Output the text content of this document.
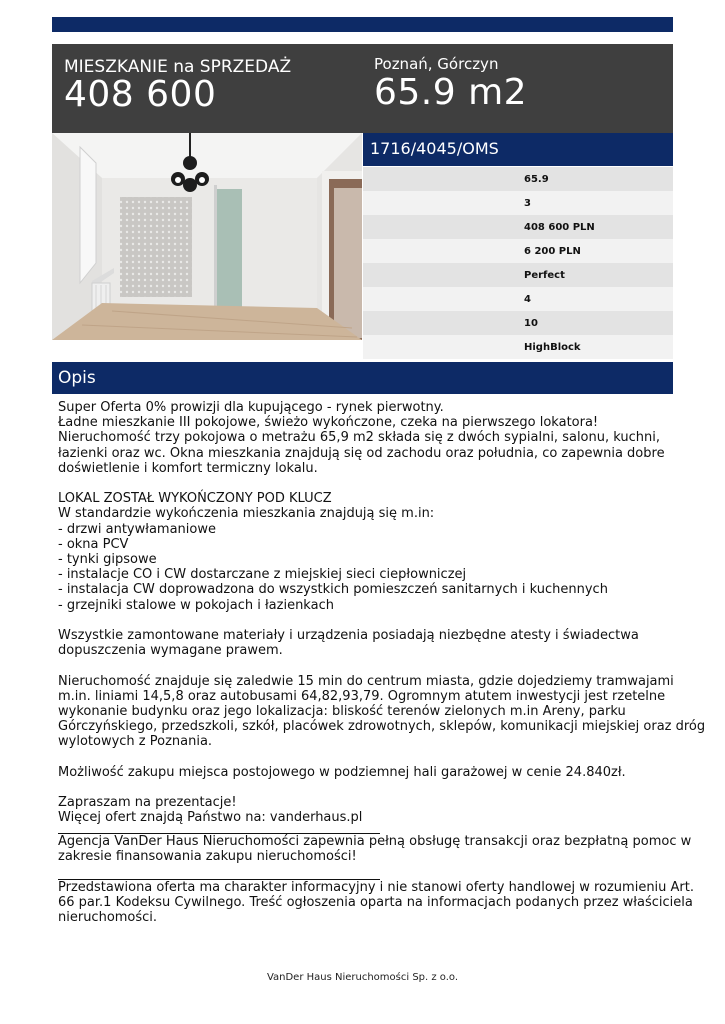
MIESZKANIE na SPRZEDAŻ
408 600
Poznań, Górczyn
65.9 m2
1716/4045/OMS
65.9
3
408 600 PLN
6 200 PLN
Perfect
4
10
HighBlock
Opis
Super Oferta 0% prowizji dla kupującego - rynek pierwotny.
Ładne mieszkanie III pokojowe, świeżo wykończone, czeka na pierwszego lokatora!
Nieruchomość trzy pokojowa o metrażu 65,9 m2 składa się z dwóch sypialni, salonu, kuchni,
łazienki oraz wc. Okna mieszkania znajdują się od zachodu oraz południa, co zapewnia dobre
doświetlenie i komfort termiczny lokalu.
LOKAL ZOSTAŁ WYKOŃCZONY POD KLUCZ
W standardzie wykończenia mieszkania znajdują się m.in:
- drzwi antywłamaniowe
- okna PCV
- tynki gipsowe
- instalacje CO i CW dostarczane z miejskiej sieci ciepłowniczej
- instalacja CW doprowadzona do wszystkich pomieszczeń sanitarnych i kuchennych
- grzejniki stalowe w pokojach i łazienkach
Wszystkie zamontowane materiały i urządzenia posiadają niezbędne atesty i świadectwa
dopuszczenia wymagane prawem.
Nieruchomość znajduje się zaledwie 15 min do centrum miasta, gdzie dojedziemy tramwajami
m.in. liniami 14,5,8 oraz autobusami 64,82,93,79. Ogromnym atutem inwestycji jest rzetelne
wykonanie budynku oraz jego lokalizacja: bliskość terenów zielonych m.in Areny, parku
Górczyńskiego, przedszkoli, szkół, placówek zdrowotnych, sklepów, komunikacji miejskiej oraz dróg
wylotowych z Poznania.
Możliwość zakupu miejsca postojowego w podziemnej hali garażowej w cenie 24.840zł.
Zapraszam na prezentacje!
Więcej ofert znajdą Państwo na: vanderhaus.pl
Agencja VanDer Haus Nieruchomości zapewnia pełną obsługę transakcji oraz bezpłatną pomoc w
zakresie finansowania zakupu nieruchomości!
Przedstawiona oferta ma charakter informacyjny i nie stanowi oferty handlowej w rozumieniu Art.
66 par.1 Kodeksu Cywilnego. Treść ogłoszenia oparta na informacjach podanych przez właściciela
nieruchomości.
VanDer Haus Nieruchomości Sp. z o.o.
